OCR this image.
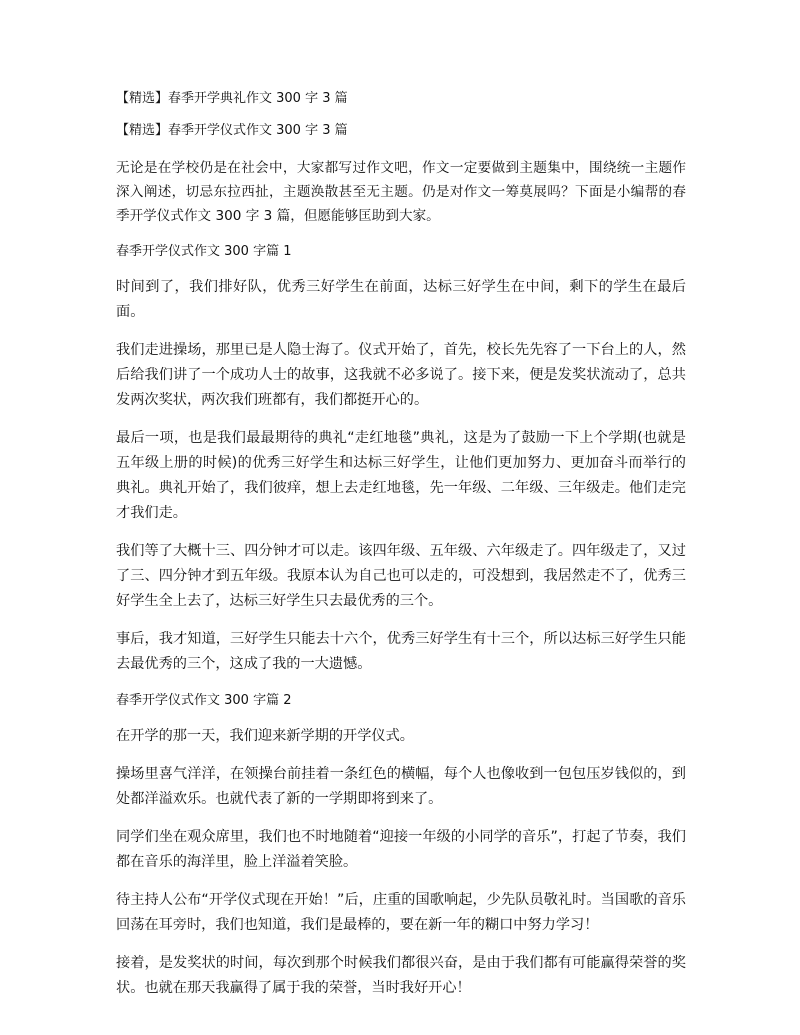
【精选】春季开学典礼作文 300 字 3 篇
【精选】春季开学仪式作文 300 字 3 篇
无论是在学校仍是在社会中，大家都写过作文吧，作文一定要做到主题集中，围绕统一主题作深入阐述，切忌东拉西扯，主题涣散甚至无主题。仍是对作文一筹莫展吗？下面是小编帮的春季开学仪式作文 300 字 3 篇，但愿能够匡助到大家。
春季开学仪式作文 300 字篇 1
时间到了，我们排好队，优秀三好学生在前面，达标三好学生在中间，剩下的学生在最后面。
我们走进操场，那里已是人隐士海了。仪式开始了，首先，校长先先容了一下台上的人，然后给我们讲了一个成功人士的故事，这我就不必多说了。接下来，便是发奖状流动了，总共发两次奖状，两次我们班都有，我们都挺开心的。
最后一项，也是我们最最期待的典礼“走红地毯”典礼，这是为了鼓励一下上个学期(也就是五年级上册的时候)的优秀三好学生和达标三好学生，让他们更加努力、更加奋斗而举行的典礼。典礼开始了，我们彼痒，想上去走红地毯，先一年级、二年级、三年级走。他们走完才我们走。
我们等了大概十三、四分钟才可以走。该四年级、五年级、六年级走了。四年级走了，又过了三、四分钟才到五年级。我原本认为自己也可以走的，可没想到，我居然走不了，优秀三好学生全上去了，达标三好学生只去最优秀的三个。
事后，我才知道，三好学生只能去十六个，优秀三好学生有十三个，所以达标三好学生只能去最优秀的三个，这成了我的一大遗憾。
春季开学仪式作文 300 字篇 2
在开学的那一天，我们迎来新学期的开学仪式。
操场里喜气洋洋，在领操台前挂着一条红色的横幅，每个人也像收到一包包压岁钱似的，到处都洋溢欢乐。也就代表了新的一学期即将到来了。
同学们坐在观众席里，我们也不时地随着“迎接一年级的小同学的音乐”，打起了节奏，我们都在音乐的海洋里，脸上洋溢着笑脸。
待主持人公布“开学仪式现在开始！”后，庄重的国歌响起，少先队员敬礼时。当国歌的音乐回荡在耳旁时，我们也知道，我们是最棒的，要在新一年的糊口中努力学习！
接着，是发奖状的时间，每次到那个时候我们都很兴奋，是由于我们都有可能赢得荣誉的奖状。也就在那天我赢得了属于我的荣誉，当时我好开心！
